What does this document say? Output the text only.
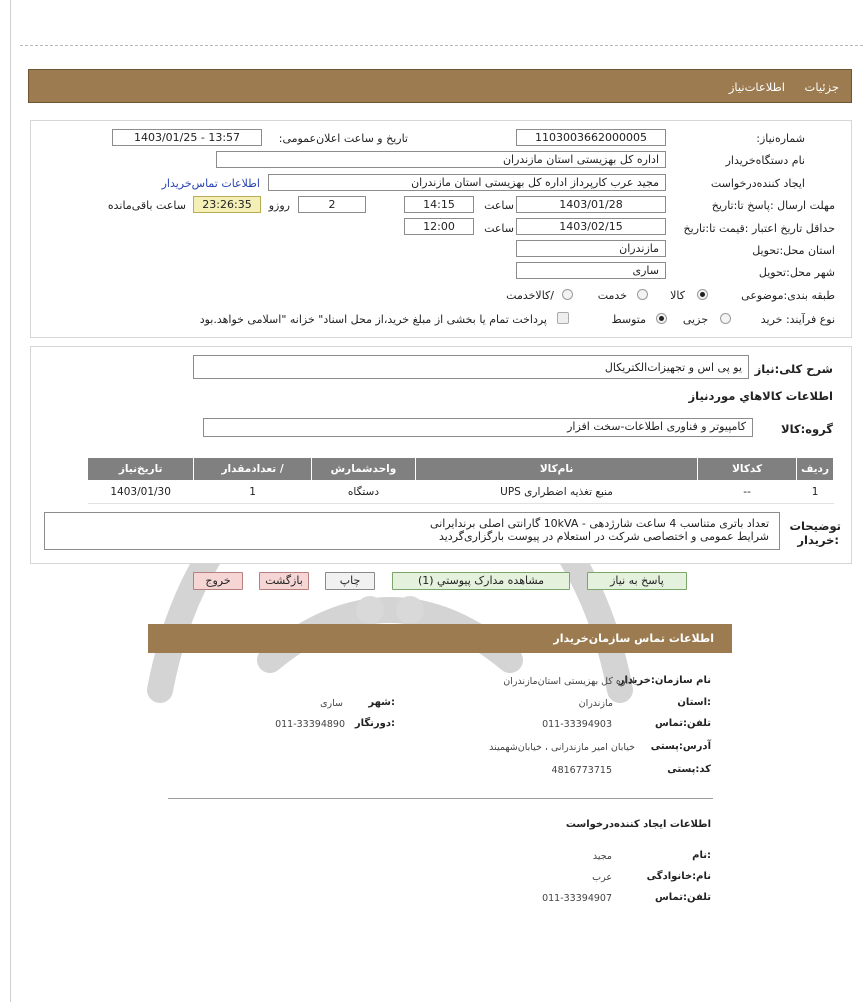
جزئیات
اطلاعات‌نیاز
شماره‌نیاز:
1103003662000005
تاریخ و ساعت اعلان‌عمومی:
1403/01/25 - 13:57
نام دستگاه‌خریدار
اداره کل بهزیستی استان مازندران
ایجاد کننده‌درخواست
مجید عرب کارپرداز اداره کل بهزیستی استان مازندران
اطلاعات تماس‌خریدار
مهلت ارسال :پاسخ تا:تاریخ
1403/01/28
ساعت
14:15
2
روزو
23:26:35
ساعت باقی‌مانده
حداقل تاریخ اعتبار :قیمت تا:تاریخ
1403/02/15
ساعت
12:00
استان محل:تحویل
مازندران
شهر محل:تحویل
ساری
طبقه بندی:موضوعی
کالا
خدمت
/کالاخدمت
نوع فرآیند: خرید
جزیی
متوسط
پرداخت تمام یا بخشی از مبلغ خرید،از محل اسناد" خزانه "اسلامی خواهد.بود
شرح کلی:نیاز
یو پی اس و تجهیزات‌الکتریکال
اطلاعات کالاهاي موردنياز
گروه:کالا
کامپیوتر و فناوری اطلاعات-سخت افزار
ردیف	کدکالا	نام‌کالا	واحدشمارش	/ تعدادمقدار	تاریخ‌نیاز
1	--	منبع تغذیه اضطراری UPS	دستگاه	1	1403/01/30
توضیحات
:خریدار
تعداد باتری متناسب 4 ساعت شارژدهی - 10kVA گارانتی اصلی برندایرانی
شرایط عمومی و اختصاصی شرکت در استعلام در پیوست بارگزاری‌گردید
پاسخ به نیاز
مشاهده مدارک پیوستي (1)
چاپ
بازگشت
خروج
اطلاعات تماس سازمان‌خریدار
نام سازمان:خریدار
اداره کل بهزیستی استان‌مازندران
:استان
مازندران
:شهر
ساری
تلفن:تماس
011-33394903
:دورنگار
011-33394890
آدرس:پستی
خیابان امیر مازندرانی ، خیابان‌شهمیند
کد:پستی
4816773715
اطلاعات ایجاد کننده‌درخواست
:نام
مجید
نام:خانوادگی
عرب
تلفن:تماس
011-33394907
